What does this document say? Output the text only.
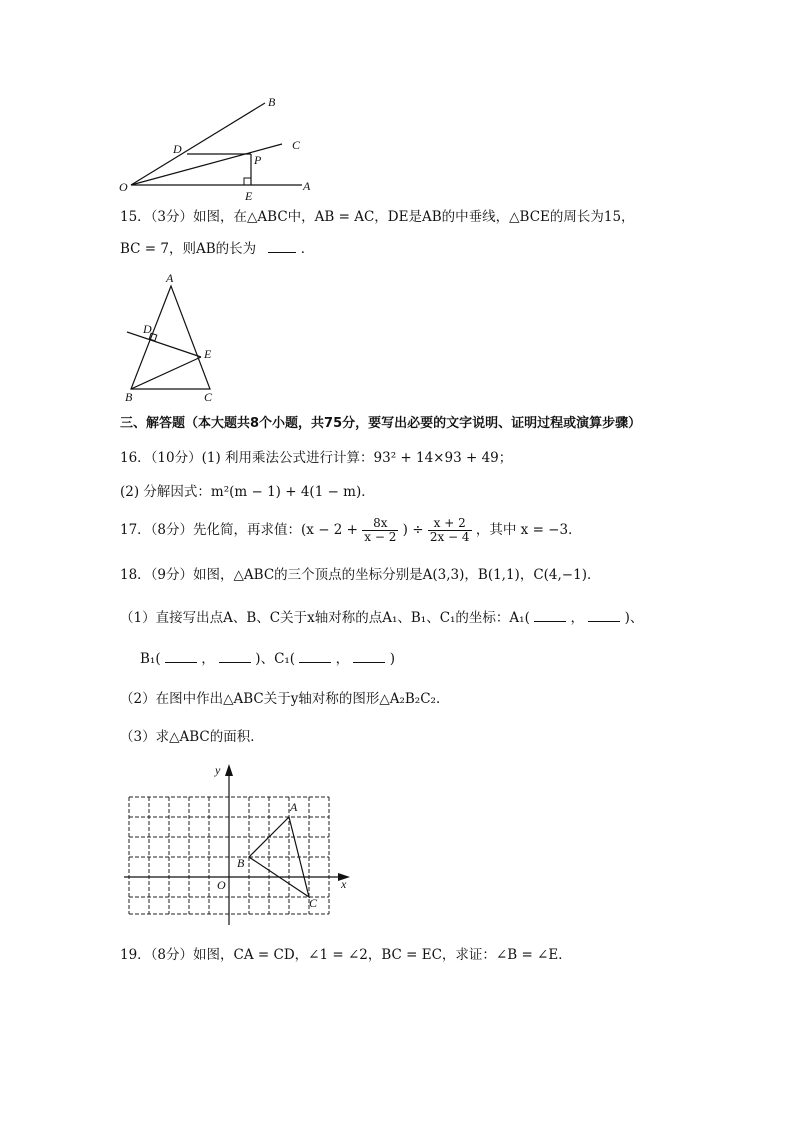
B
C
D
P
O
E
A
15．（3分）如图，在△ABC中，AB = AC，DE是AB的中垂线，△BCE的周长为15，
BC = 7，则AB的长为	．
A
D
E
B	C
三、解答题（本大题共8个小题，共75分，要写出必要的文字说明、证明过程或演算步骤）
16．（10分）(1) 利用乘法公式进行计算：93² + 14×93 + 49；
(2) 分解因式：m²(m − 1) + 4(1 − m)．
17．（8分）先化简，再求值：($x - 2 + \frac{8x}{x - 2}$ ) ÷ $\frac{x + 2}{2x - 4}$ ，其中 x = −3．
18．（9分）如图，△ABC的三个顶点的坐标分别是A(3,3)，B(1,1)，C(4,−1)．
（1）直接写出点A、B、C关于x轴对称的点A₁、B₁、C₁的坐标：A₁(	，	)、
B₁(	，	)、C₁(	，	)
（2）在图中作出△ABC关于y轴对称的图形△A₂B₂C₂．
（3）求△ABC的面积．
y
x
O
A
B
C
19．（8分）如图，CA = CD，∠1 = ∠2，BC = EC，求证：∠B = ∠E．
